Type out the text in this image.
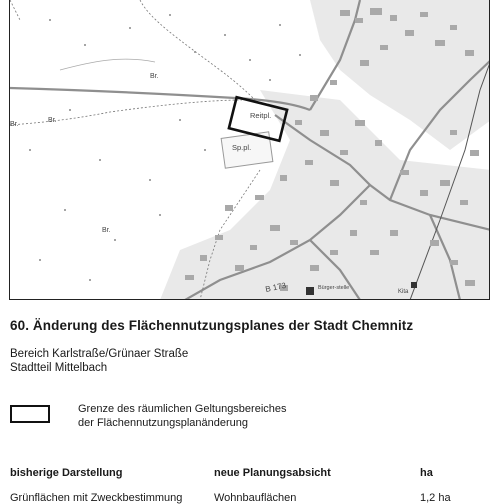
Reitpl.
Sp.pl.
Br.
Br.
Br.
Br.
B 173	Bürger-stelle
Kita
60. Änderung des Flächennutzungsplanes der Stadt Chemnitz
Bereich Karlstraße/Grünaer Straße
Stadtteil Mittelbach
Grenze des räumlichen Geltungsbereiches
der Flächennutzungsplanänderung
bisherige Darstellung	neue Planungsabsicht	ha
Grünflächen mit Zweckbestimmung	Wohnbauflächen	1,2 ha
